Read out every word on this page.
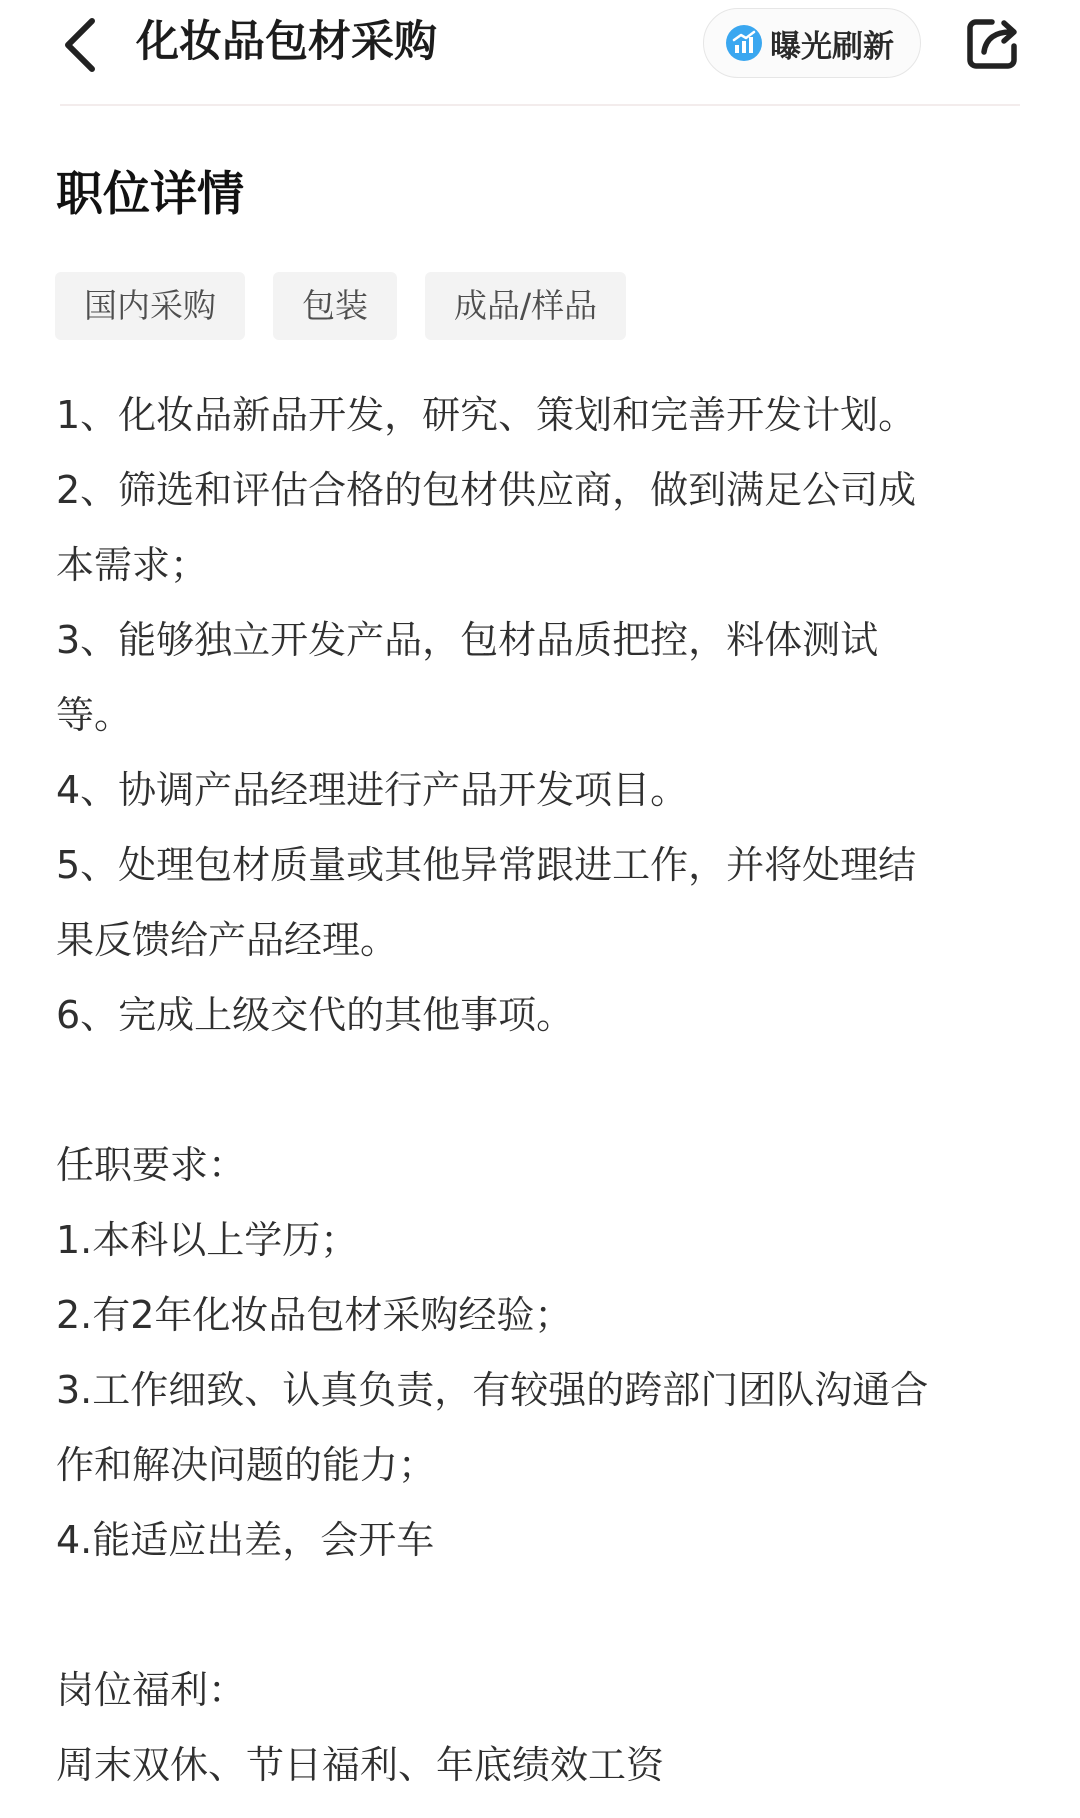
化妆品包材采购	曝光刷新
职位详情
国内采购	包装	成品/样品
1、化妆品新品开发，研究、策划和完善开发计划。
2、筛选和评估合格的包材供应商，做到满足公司成
本需求；
3、能够独立开发产品，包材品质把控，料体测试
等。
4、协调产品经理进行产品开发项目。
5、处理包材质量或其他异常跟进工作，并将处理结
果反馈给产品经理。
6、完成上级交代的其他事项。
任职要求：
1.本科以上学历；
2.有2年化妆品包材采购经验；
3.工作细致、认真负责，有较强的跨部门团队沟通合
作和解决问题的能力；
4.能适应出差，会开车
岗位福利：
周末双休、节日福利、年底绩效工资
